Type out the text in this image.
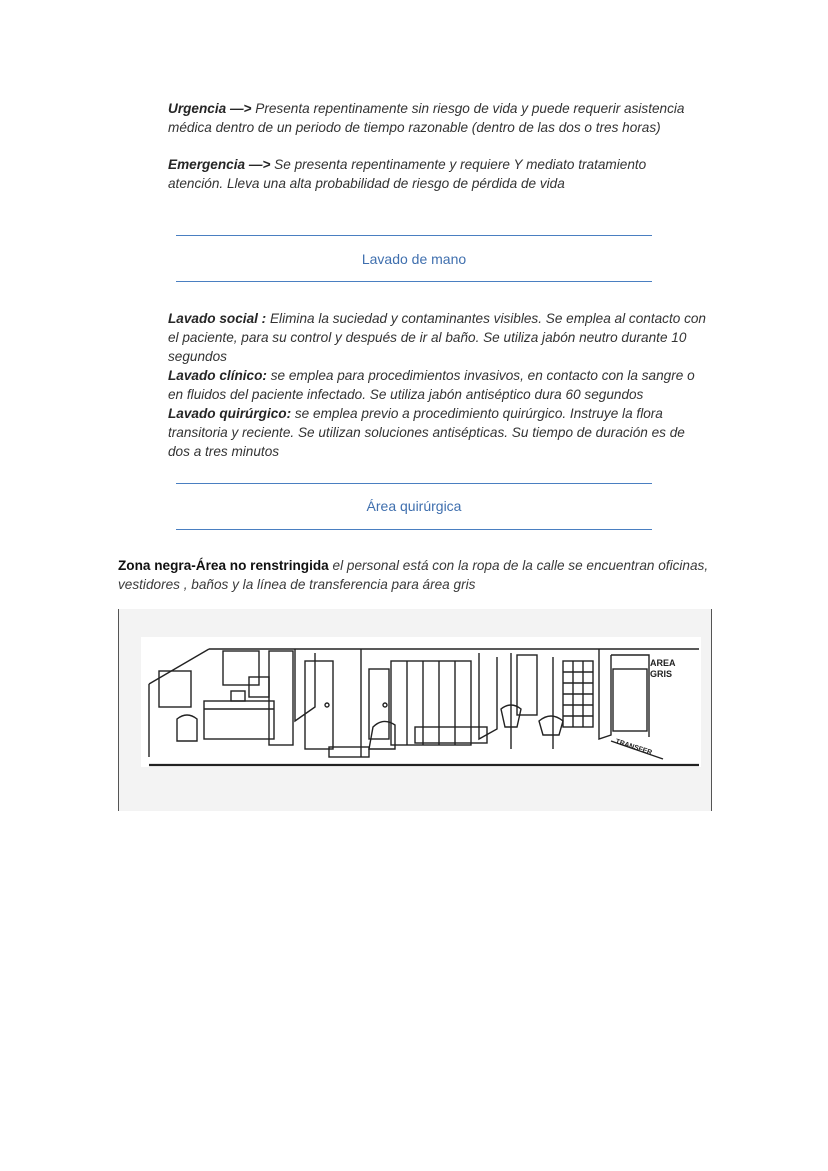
Urgencia —> Presenta repentinamente sin riesgo de vida y puede requerir asistencia
médica dentro de un periodo de tiempo razonable (dentro de las dos o tres horas)
Emergencia —> Se presenta repentinamente y requiere Y mediato tratamiento
atención. Lleva una alta probabilidad de riesgo de pérdida de vida
Lavado de mano
Lavado social : Elimina la suciedad y contaminantes visibles. Se emplea al contacto con
el paciente, para su control y después de ir al baño. Se utiliza jabón neutro durante 10
segundos
Lavado clínico: se emplea para procedimientos invasivos, en contacto con la sangre o
en fluidos del paciente infectado. Se utiliza jabón antiséptico dura 60 segundos
Lavado quirúrgico: se emplea previo a procedimiento quirúrgico. Instruye la flora
transitoria y reciente. Se utilizan soluciones antisépticas. Su tiempo de duración es de
dos a tres minutos
Área quirúrgica
Zona negra-Área no renstringida el personal está con la ropa de la calle se encuentran oficinas,
vestidores , baños y la línea de transferencia para área gris
AREA
GRIS
TRANSFER
